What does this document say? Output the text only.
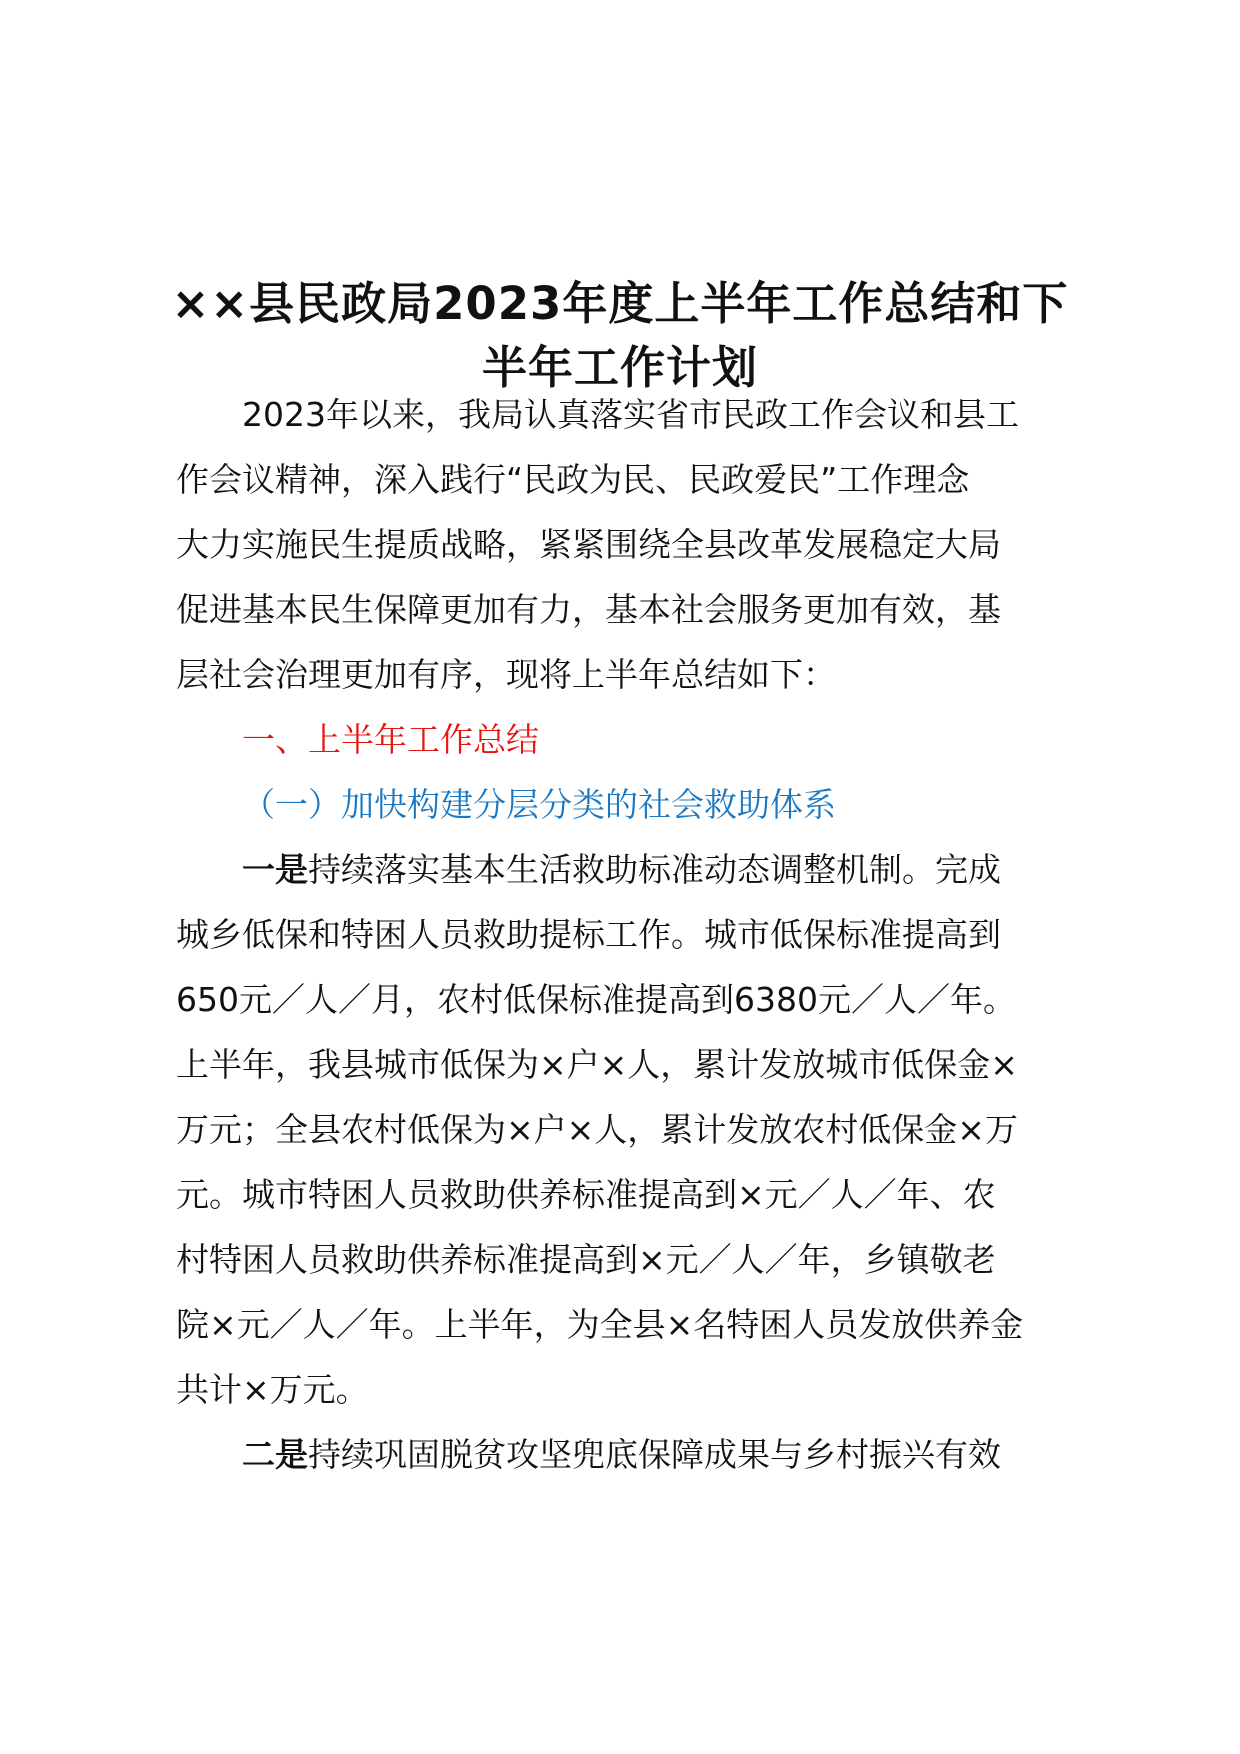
××县民政局2023年度上半年工作总结和下
半年工作计划
2023年以来，我局认真落实省市民政工作会议和县工
作会议精神，深入践行“民政为民、民政爱民”工作理念
大力实施民生提质战略，紧紧围绕全县改革发展稳定大局
促进基本民生保障更加有力，基本社会服务更加有效，基
层社会治理更加有序，现将上半年总结如下：
一、上半年工作总结
（一）加快构建分层分类的社会救助体系
一是持续落实基本生活救助标准动态调整机制。完成
城乡低保和特困人员救助提标工作。城市低保标准提高到
650元／人／月，农村低保标准提高到6380元／人／年。
上半年，我县城市低保为×户×人，累计发放城市低保金×
万元；全县农村低保为×户×人，累计发放农村低保金×万
元。城市特困人员救助供养标准提高到×元／人／年、农
村特困人员救助供养标准提高到×元／人／年，乡镇敬老
院×元／人／年。上半年，为全县×名特困人员发放供养金
共计×万元。
二是持续巩固脱贫攻坚兜底保障成果与乡村振兴有效
